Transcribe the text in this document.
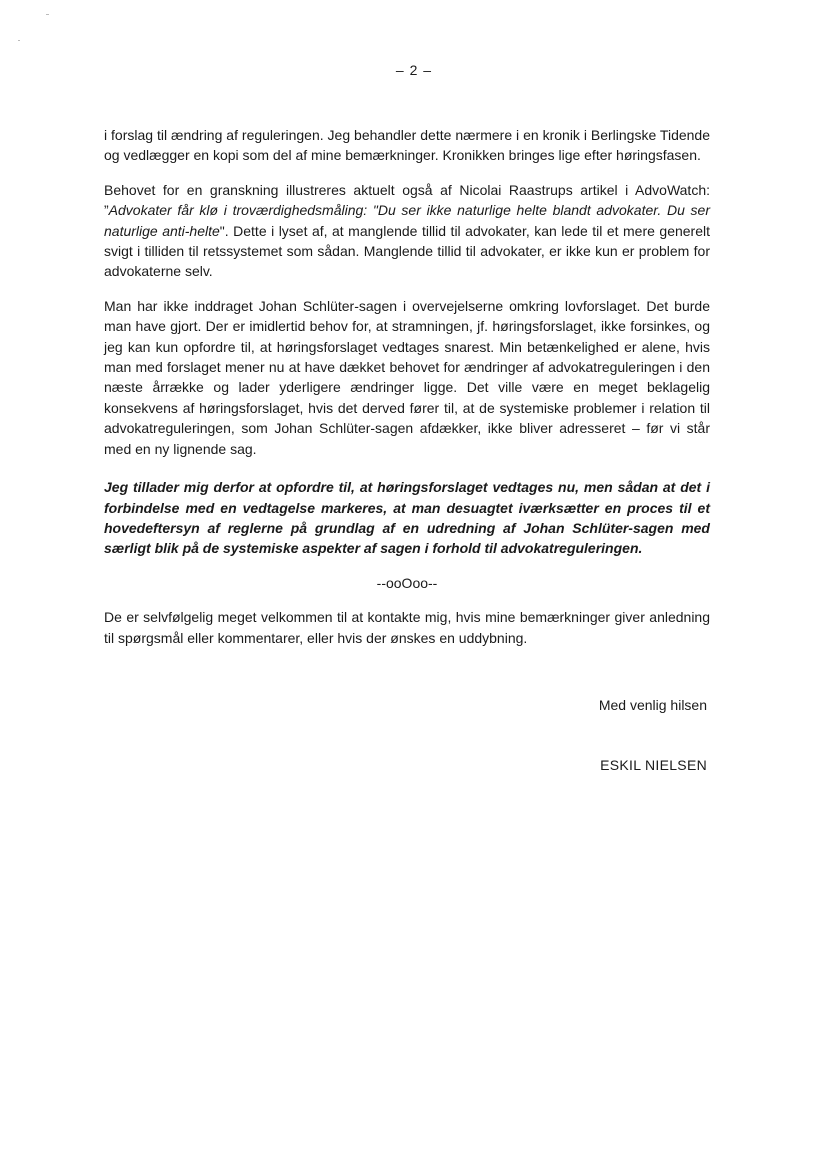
– 2 –

i forslag til ændring af reguleringen. Jeg behandler dette nærmere i en kronik i Berlingske Tidende og vedlægger en kopi som del af mine bemærkninger. Kronikken bringes lige efter høringsfasen.

Behovet for en granskning illustreres aktuelt også af Nicolai Raastrups artikel i AdvoWatch: ”Advokater får klø i troværdighedsmåling: "Du ser ikke naturlige helte blandt advokater. Du ser naturlige anti-helte". Dette i lyset af, at manglende tillid til advokater, kan lede til et mere generelt svigt i tilliden til retssystemet som sådan. Manglende tillid til advokater, er ikke kun er problem for advokaterne selv.

Man har ikke inddraget Johan Schlüter-sagen i overvejelserne omkring lovforslaget. Det burde man have gjort. Der er imidlertid behov for, at stramningen, jf. høringsforslaget, ikke forsinkes, og jeg kan kun opfordre til, at høringsforslaget vedtages snarest. Min betænkelighed er alene, hvis man med forslaget mener nu at have dækket behovet for ændringer af advokatreguleringen i den næste årrække og lader yderligere ændringer ligge. Det ville være en meget beklagelig konsekvens af høringsforslaget, hvis det derved fører til, at de systemiske problemer i relation til advokatreguleringen, som Johan Schlüter-sagen afdækker, ikke bliver adresseret – før vi står med en ny lignende sag.

Jeg tillader mig derfor at opfordre til, at høringsforslaget vedtages nu, men sådan at det i forbindelse med en vedtagelse markeres, at man desuagtet iværksætter en proces til et hovedeftersyn af reglerne på grundlag af en udredning af Johan Schlüter-sagen med særligt blik på de systemiske aspekter af sagen i forhold til advokatreguleringen.

--ooOoo--

De er selvfølgelig meget velkommen til at kontakte mig, hvis mine bemærkninger giver anledning til spørgsmål eller kommentarer, eller hvis der ønskes en uddybning.

Med venlig hilsen
ESKIL NIELSEN
